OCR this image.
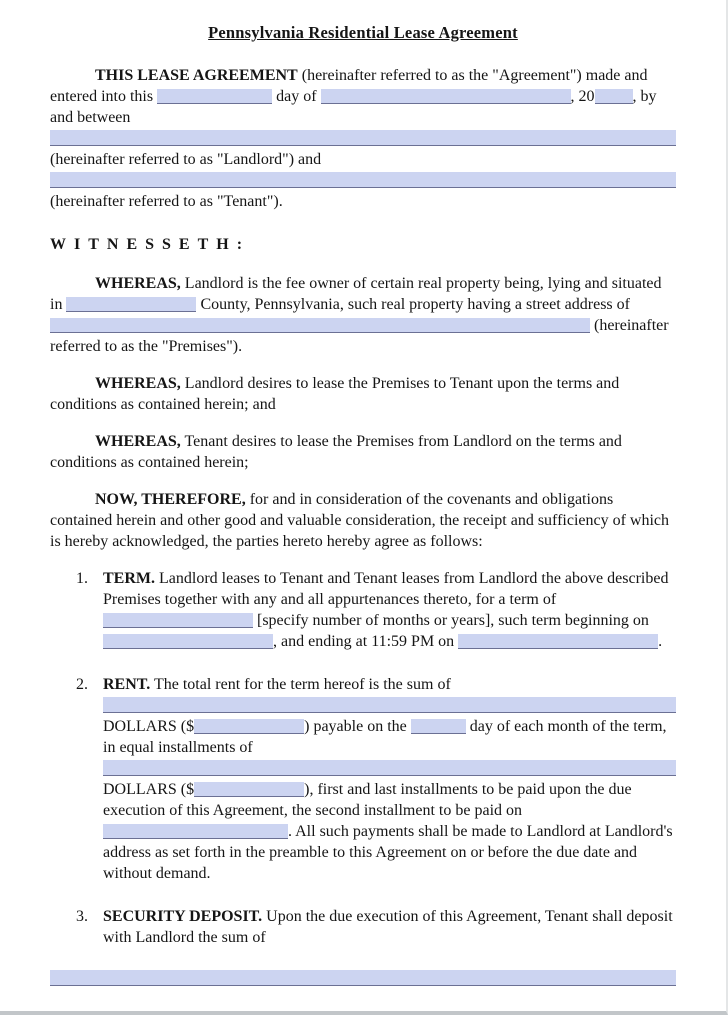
Pennsylvania Residential Lease Agreement

THIS LEASE AGREEMENT (hereinafter referred to as the "Agreement") made and entered into this	day of	, 20 , by and between  (hereinafter referred to as "Landlord") and  (hereinafter referred to as "Tenant").

WITNESSETH:

WHEREAS, Landlord is the fee owner of certain real property being, lying and situated in	County, Pennsylvania, such real property having a street address of  (hereinafter referred to as the "Premises").

WHEREAS, Landlord desires to lease the Premises to Tenant upon the terms and conditions as contained herein; and

WHEREAS, Tenant desires to lease the Premises from Landlord on the terms and conditions as contained herein;

NOW, THEREFORE, for and in consideration of the covenants and obligations contained herein and other good and valuable consideration, the receipt and sufficiency of which is hereby acknowledged, the parties hereto hereby agree as follows:

1. TERM. Landlord leases to Tenant and Tenant leases from Landlord the above described Premises together with any and all appurtenances thereto, for a term of  [specify number of months or years], such term beginning on , and ending at 11:59 PM on	.
2. RENT. The total rent for the term hereof is the sum of  DOLLARS ($	) payable on the	day of each month of the term, in equal installments of  DOLLARS ($	), first and last installments to be paid upon the due execution of this Agreement, the second installment to be paid on . All such payments shall be made to Landlord at Landlord's address as set forth in the preamble to this Agreement on or before the due date and without demand.
3. SECURITY DEPOSIT. Upon the due execution of this Agreement, Tenant shall deposit with Landlord the sum of
